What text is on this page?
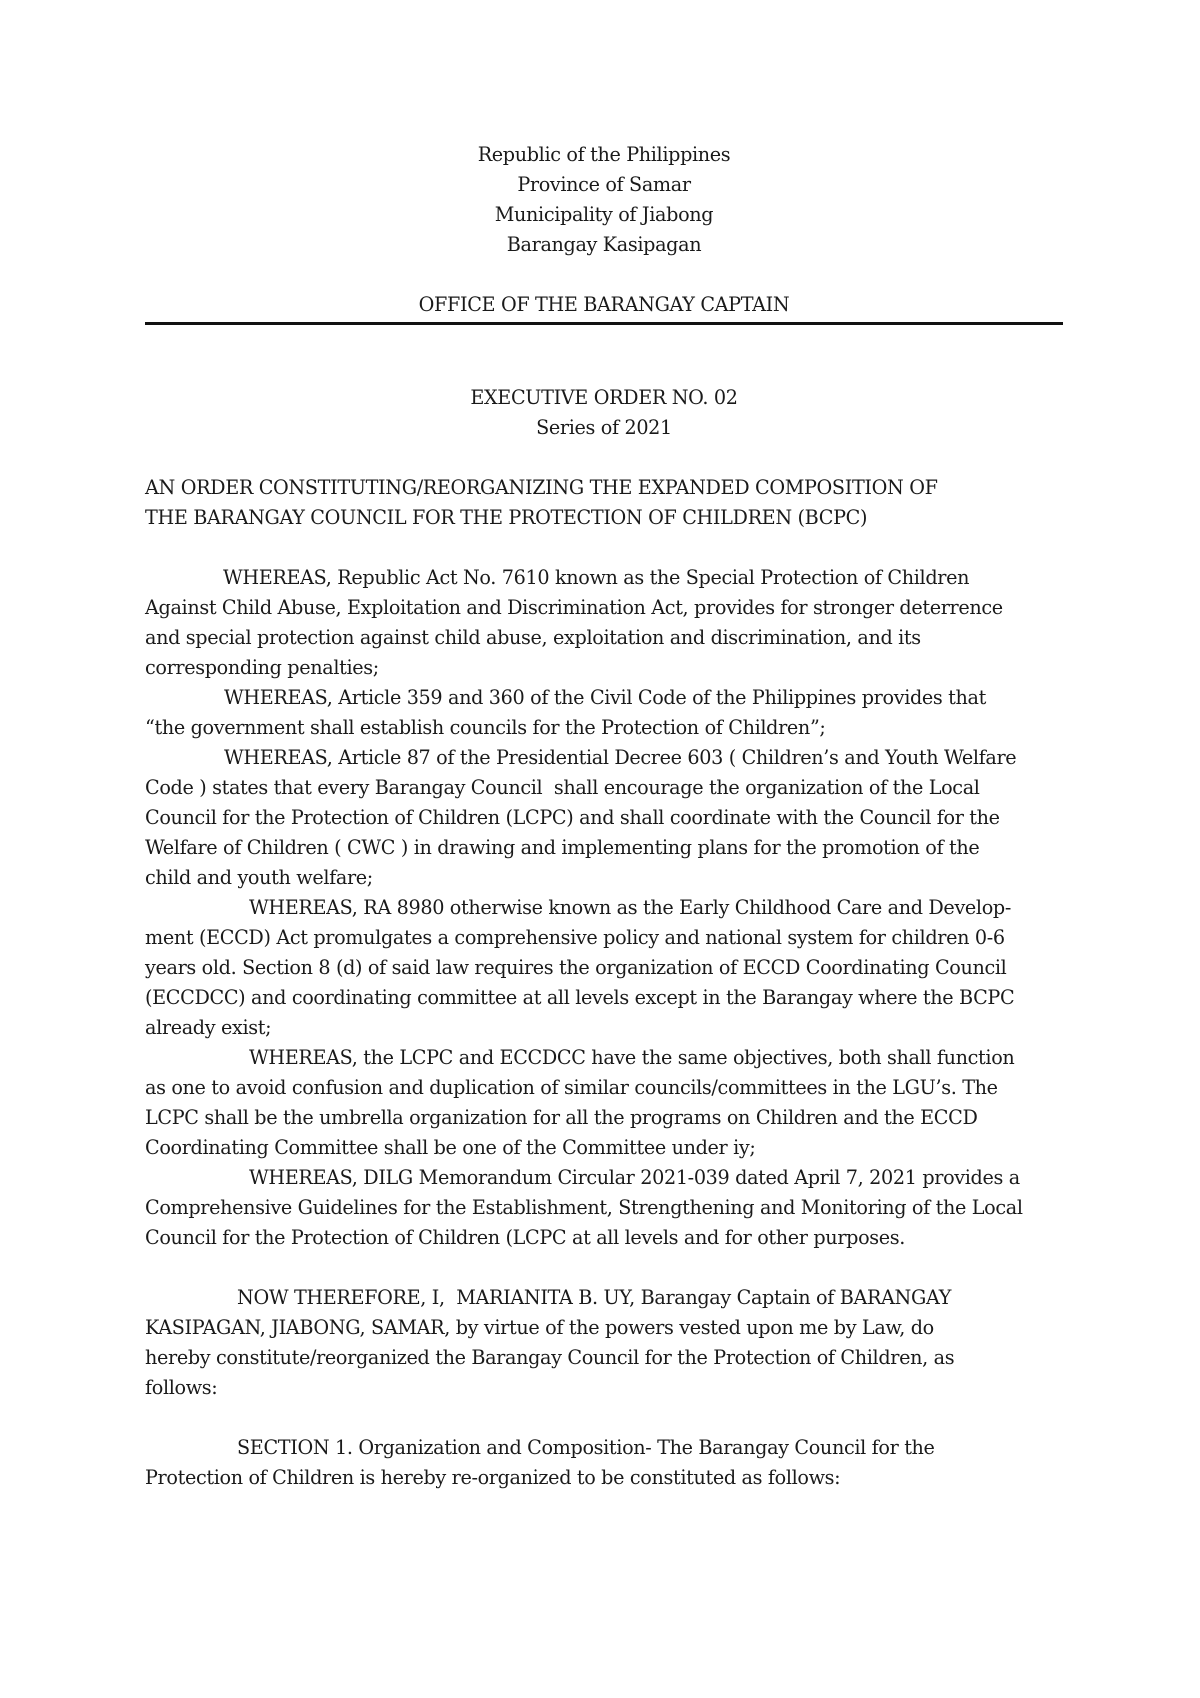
Republic of the Philippines
Province of Samar
Municipality of Jiabong
Barangay Kasipagan
OFFICE OF THE BARANGAY CAPTAIN
EXECUTIVE ORDER NO. 02
Series of 2021
AN ORDER CONSTITUTING/REORGANIZING THE EXPANDED COMPOSITION OF
THE BARANGAY COUNCIL FOR THE PROTECTION OF CHILDREN (BCPC)

WHEREAS, Republic Act No. 7610 known as the Special Protection of Children
Against Child Abuse, Exploitation and Discrimination Act, provides for stronger deterrence
and special protection against child abuse, exploitation and discrimination, and its
corresponding penalties;

WHEREAS, Article 359 and 360 of the Civil Code of the Philippines provides that
“the government shall establish councils for the Protection of Children”;

WHEREAS, Article 87 of the Presidential Decree 603 ( Children’s and Youth Welfare
Code ) states that every Barangay Council  shall encourage the organization of the Local
Council for the Protection of Children (LCPC) and shall coordinate with the Council for the
Welfare of Children ( CWC ) in drawing and implementing plans for the promotion of the
child and youth welfare;

WHEREAS, RA 8980 otherwise known as the Early Childhood Care and Develop-
ment (ECCD) Act promulgates a comprehensive policy and national system for children 0-6
years old. Section 8 (d) of said law requires the organization of ECCD Coordinating Council
(ECCDCC) and coordinating committee at all levels except in the Barangay where the BCPC
already exist;

WHEREAS, the LCPC and ECCDCC have the same objectives, both shall function
as one to avoid confusion and duplication of similar councils/committees in the LGU’s. The
LCPC shall be the umbrella organization for all the programs on Children and the ECCD
Coordinating Committee shall be one of the Committee under iy;

WHEREAS, DILG Memorandum Circular 2021-039 dated April 7, 2021 provides a
Comprehensive Guidelines for the Establishment, Strengthening and Monitoring of the Local
Council for the Protection of Children (LCPC at all levels and for other purposes.

NOW THEREFORE, I,  MARIANITA B. UY, Barangay Captain of BARANGAY
KASIPAGAN, JIABONG, SAMAR, by virtue of the powers vested upon me by Law, do
hereby constitute/reorganized the Barangay Council for the Protection of Children, as
follows:
SECTION 1. Organization and Composition- The Barangay Council for the
Protection of Children is hereby re-organized to be constituted as follows:
